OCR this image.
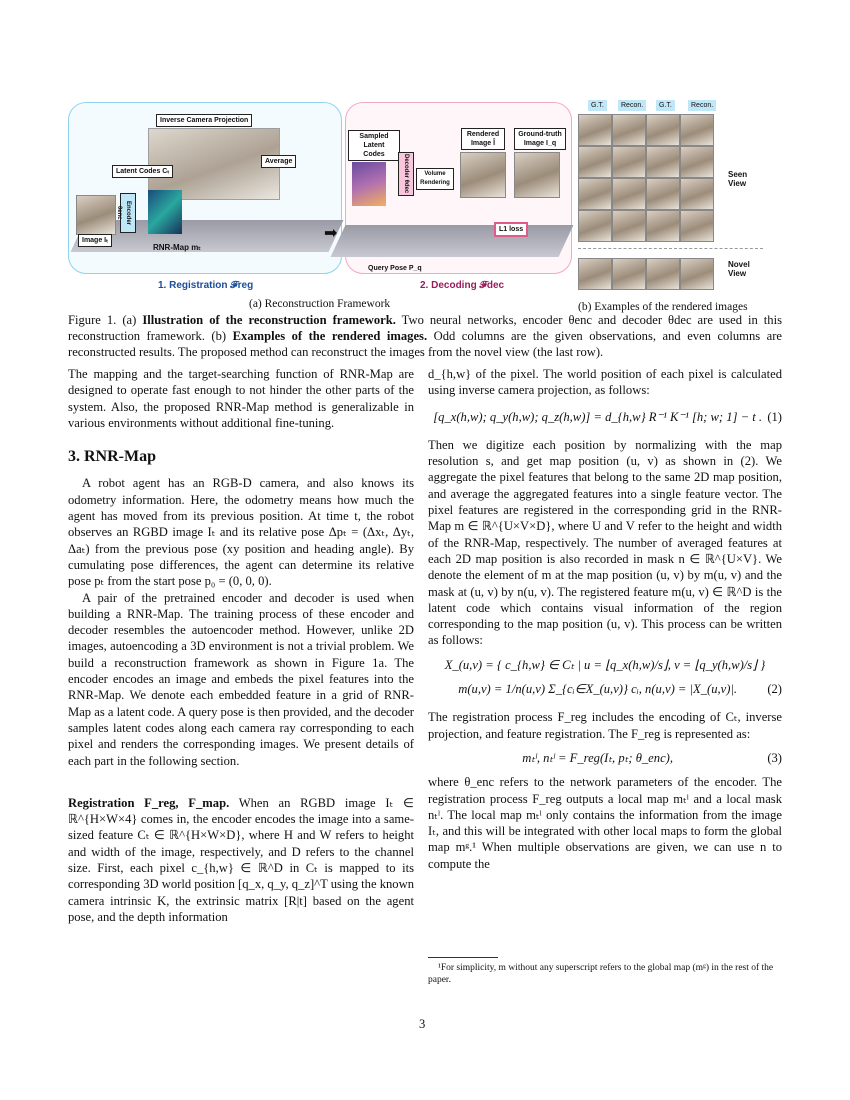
Inverse Camera Projection
Average
Latent Codes Cₜ
Encoder θenc
Image Iₜ
RNR-Map mₜ
1. Registration 𝓕reg
➡
Sampled Latent Codes	Decoder θdec	Volume Rendering
Rendered Image Î
Ground-truth Image I_q
L1 loss
Query Pose P_q
2. Decoding 𝓕dec
G.T.	Recon.	G.T.	Recon.
Seen View
Novel View
(a) Reconstruction Framework	(b) Examples of the rendered images
Figure 1. (a) Illustration of the reconstruction framework. Two neural networks, encoder θenc and decoder θdec are used in this reconstruction framework. (b) Examples of the rendered images. Odd columns are the given observations, and even columns are reconstructed results. The proposed method can reconstruct the images from the novel view (the last row).

The mapping and the target-searching function of RNR-Map are designed to operate fast enough to not hinder the other parts of the system. Also, the proposed RNR-Map method is generalizable in various environments without additional fine-tuning.

3. RNR-Map

A robot agent has an RGB-D camera, and also knows its odometry information. Here, the odometry means how much the agent has moved from its previous position. At time t, the robot observes an RGBD image Iₜ and its relative pose Δpₜ = (Δxₜ, Δyₜ, Δaₜ) from the previous pose (xy position and heading angle). By cumulating pose differences, the agent can determine its relative pose pₜ from the start pose p₀ = (0, 0, 0).

A pair of the pretrained encoder and decoder is used when building a RNR-Map. The training process of these encoder and decoder resembles the autoencoder method. However, unlike 2D images, autoencoding a 3D environment is not a trivial problem. We build a reconstruction framework as shown in Figure 1a. The encoder encodes an image and embeds the pixel features into the RNR-Map. We denote each embedded feature in a grid of RNR-Map as a latent code. A query pose is then provided, and the decoder samples latent codes along each camera ray corresponding to each pixel and renders the corresponding images. We present details of each part in the following section.

Registration F_reg, F_map. When an RGBD image Iₜ ∈ ℝ^{H×W×4} comes in, the encoder encodes the image into a same-sized feature Cₜ ∈ ℝ^{H×W×D}, where H and W refers to height and width of the image, respectively, and D refers to the channel size. First, each pixel c_{h,w} ∈ ℝ^D in Cₜ is mapped to its corresponding 3D world position [q_x, q_y, q_z]^T using the known camera intrinsic K, the extrinsic matrix [R|t] based on the agent pose, and the depth information

d_{h,w} of the pixel. The world position of each pixel is calculated using inverse camera projection, as follows:

[q_x(h,w); q_y(h,w); q_z(h,w)] = d_{h,w} R⁻¹ K⁻¹ [h; w; 1] − t . (1)

Then we digitize each position by normalizing with the map resolution s, and get map position (u, v) as shown in (2). We aggregate the pixel features that belong to the same 2D map position, and average the aggregated features into a single feature vector. The pixel features are registered in the corresponding grid in the RNR-Map m ∈ ℝ^{U×V×D}, where U and V refer to the height and width of the RNR-Map, respectively. The number of averaged features at each 2D map position is also recorded in mask n ∈ ℝ^{U×V}. We denote the element of m at the map position (u, v) by m(u, v) and the mask at (u, v) by n(u, v). The registered feature m(u, v) ∈ ℝ^D is the latent code which contains visual information of the region corresponding to the map position (u, v). This process can be written as follows:

X_(u,v) = { c_{h,w} ∈ Cₜ | u = ⌊q_x(h,w)/s⌋, v = ⌊q_y(h,w)/s⌋ }
m(u,v) = 1/n(u,v) Σ_{cᵢ∈X_(u,v)} cᵢ, n(u,v) = |X_(u,v)|.	(2)

The registration process F_reg includes the encoding of Cₜ, inverse projection, and feature registration. The F_reg is represented as:

mₜˡ, nₜˡ = F_reg(Iₜ, pₜ; θ_enc),	(3)

where θ_enc refers to the network parameters of the encoder. The registration process F_reg outputs a local map mₜˡ and a local mask nₜˡ. The local map mₜˡ only contains the information from the image Iₜ, and this will be integrated with other local maps to form the global map mᵍ.¹ When multiple observations are given, we can use n to compute the

¹For simplicity, m without any superscript refers to the global map (mᵍ) in the rest of the paper.
3
